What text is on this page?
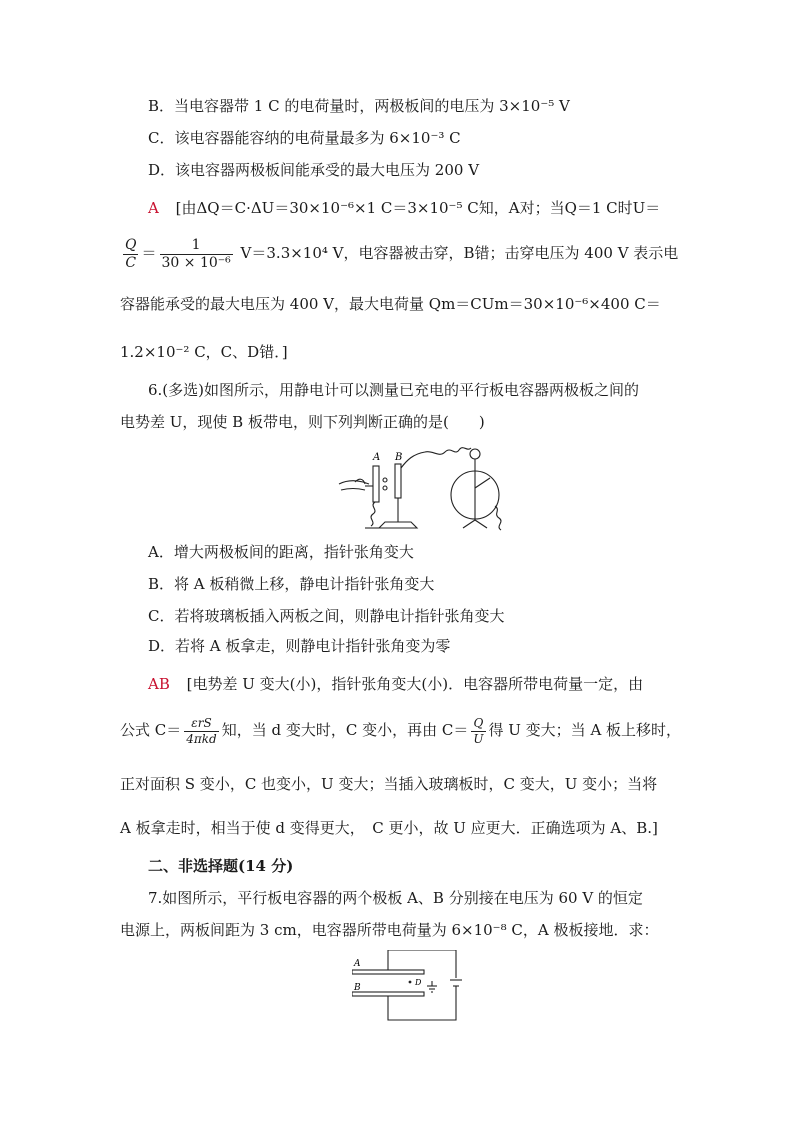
B．当电容器带 1 C 的电荷量时，两极板间的电压为 3×10⁻⁵ V
C．该电容器能容纳的电荷量最多为 6×10⁻³ C
D．该电容器两极板间能承受的最大电压为 200 V
A [由ΔQ＝C·ΔU＝30×10⁻⁶×1 C＝3×10⁻⁵ C知，A对；当Q＝1 C时U＝
$\frac{Q}{C} = \frac{1}{\text{30 × 10⁻⁶}} V=3.3\times 10^4$ V，电容器被击穿，B错；击穿电压为 400 V 表示电
容器能承受的最大电压为 400 V，最大电荷量 Qm＝CUm＝30×10⁻⁶×400 C＝
1.2×10⁻² C，C、D错．]
6.(多选)如图所示，用静电计可以测量已充电的平行板电容器两极板之间的
电势差 U，现使 B 板带电，则下列判断正确的是(　　)
A B
A．增大两极板间的距离，指针张角变大
B．将 A 板稍微上移，静电计指针张角变大
C．若将玻璃板插入两板之间，则静电计指针张角变大
D．若将 A 板拿走，则静电计指针张角变为零
AB [电势差 U 变大(小)，指针张角变大(小)．电容器所带电荷量一定，由
公式 $C= \frac{\text{εrS}}{\text{4πkd}}$ 知，当 d 变大时，C 变小，再由 $C= \frac{Q}{U}$ 得 U 变大；当 A 板上移时，
正对面积 S 变小，C 也变小，U 变大；当插入玻璃板时，C 变大，U 变小；当将
A 板拿走时，相当于使 d 变得更大，　C 更小，故 U 应更大．正确选项为 A、B.]
二、非选择题(14 分)
7.如图所示，平行板电容器的两个极板 A、B 分别接在电压为 60 V 的恒定
电源上，两板间距为 3 cm，电容器所带电荷量为 6×10⁻⁸ C，A 极板接地．求：
A
B
D
